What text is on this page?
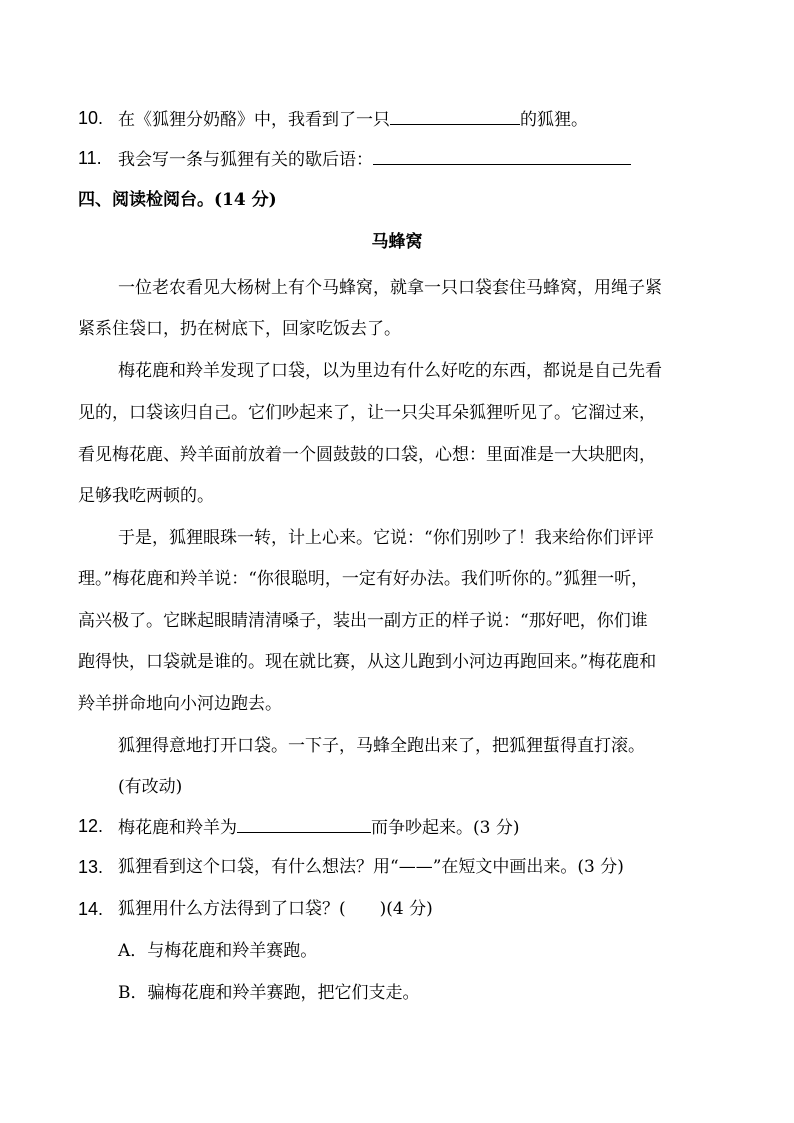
10. 在《狐狸分奶酪》中，我看到了一只	的狐狸。
11. 我会写一条与狐狸有关的歇后语：
四、阅读检阅台。(14 分)
马蜂窝
一位老农看见大杨树上有个马蜂窝，就拿一只口袋套住马蜂窝，用绳子紧
紧系住袋口，扔在树底下，回家吃饭去了。
梅花鹿和羚羊发现了口袋，以为里边有什么好吃的东西，都说是自己先看
见的，口袋该归自己。它们吵起来了，让一只尖耳朵狐狸听见了。它溜过来，
看见梅花鹿、羚羊面前放着一个圆鼓鼓的口袋，心想：里面准是一大块肥肉，
足够我吃两顿的。
于是，狐狸眼珠一转，计上心来。它说：“你们别吵了！我来给你们评评
理。”梅花鹿和羚羊说：“你很聪明，一定有好办法。我们听你的。”狐狸一听，
高兴极了。它眯起眼睛清清嗓子，装出一副方正的样子说：“那好吧，你们谁
跑得快，口袋就是谁的。现在就比赛，从这儿跑到小河边再跑回来。”梅花鹿和
羚羊拼命地向小河边跑去。
狐狸得意地打开口袋。一下子，马蜂全跑出来了，把狐狸蜇得直打滚。
(有改动)
12. 梅花鹿和羚羊为	而争吵起来。(3 分)
13. 狐狸看到这个口袋，有什么想法？用“——”在短文中画出来。(3 分)
14. 狐狸用什么方法得到了口袋？(　　)(4 分)
A．与梅花鹿和羚羊赛跑。
B．骗梅花鹿和羚羊赛跑，把它们支走。
